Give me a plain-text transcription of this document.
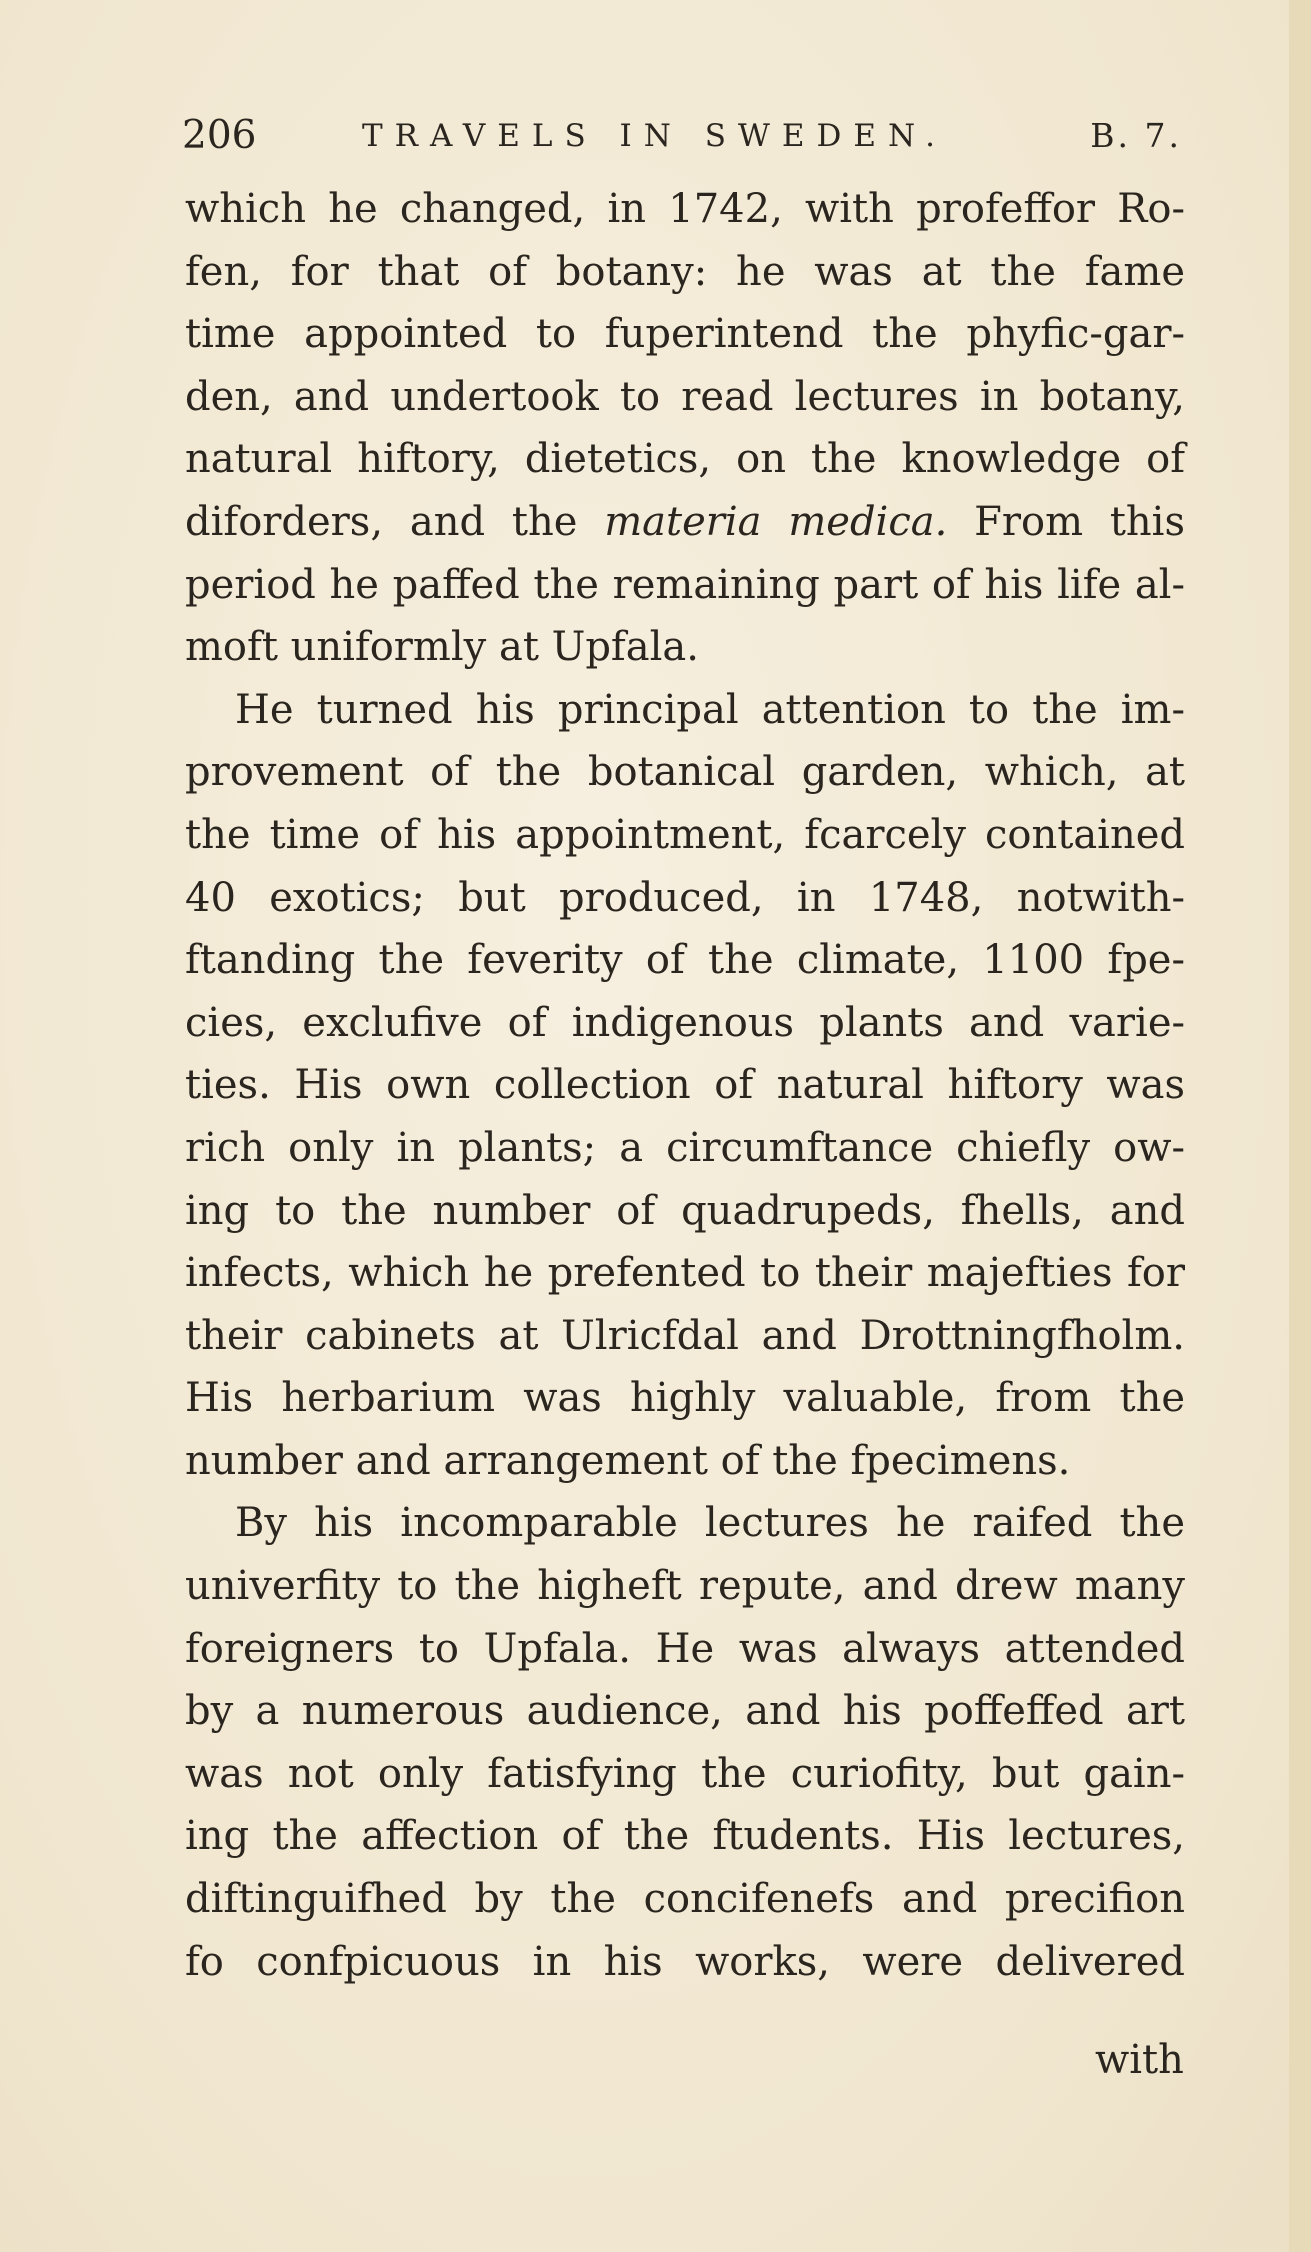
206	TRAVELS IN SWEDEN.	B. 7.
which he changed, in 1742, with profeffor Ro-
fen, for that of botany: he was at the fame
time appointed to fuperintend the phyfic-gar-
den, and undertook to read lectures in botany,
natural hiftory, dietetics, on the knowledge of
diforders, and the materia medica. From this
period he paffed the remaining part of his life al-
moft uniformly at Upfala.
He turned his principal attention to the im-
provement of the botanical garden, which, at
the time of his appointment, fcarcely contained
40 exotics; but produced, in 1748, notwith-
ftanding the feverity of the climate, 1100 fpe-
cies, exclufive of indigenous plants and varie-
ties. His own collection of natural hiftory was
rich only in plants; a circumftance chiefly ow-
ing to the number of quadrupeds, fhells, and
infects, which he prefented to their majefties for
their cabinets at Ulricfdal and Drottningfholm.
His herbarium was highly valuable, from the
number and arrangement of the fpecimens.
By his incomparable lectures he raifed the
univerfity to the higheft repute, and drew many
foreigners to Upfala. He was always attended
by a numerous audience, and his poffeffed art
was not only fatisfying the curiofity, but gain-
ing the affection of the ftudents. His lectures,
diftinguifhed by the concifenefs and precifion
fo confpicuous in his works, were delivered
with
